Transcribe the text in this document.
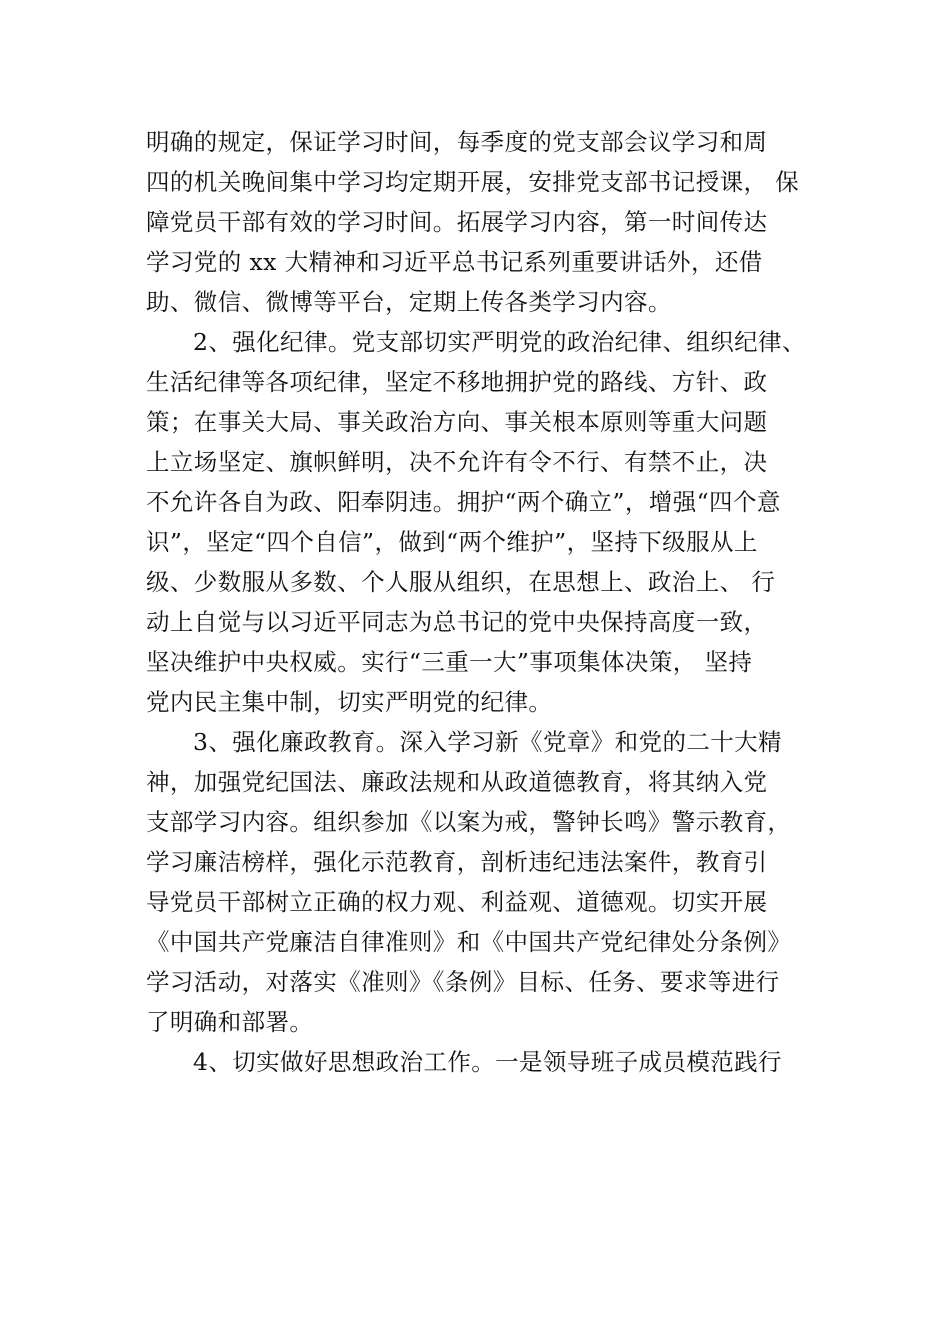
明确的规定，保证学习时间，每季度的党支部会议学习和周
四的机关晚间集中学习均定期开展，安排党支部书记授课， 保
障党员干部有效的学习时间。拓展学习内容，第一时间传达
学习党的 xx 大精神和习近平总书记系列重要讲话外，还借
助、微信、微博等平台，定期上传各类学习内容。
2、强化纪律。党支部切实严明党的政治纪律、组织纪律、
生活纪律等各项纪律，坚定不移地拥护党的路线、方针、政
策；在事关大局、事关政治方向、事关根本原则等重大问题
上立场坚定、旗帜鲜明，决不允许有令不行、有禁不止，决
不允许各自为政、阳奉阴违。拥护“两个确立”，增强“四个意
识”，坚定“四个自信”，做到“两个维护”，坚持下级服从上
级、少数服从多数、个人服从组织，在思想上、政治上、 行
动上自觉与以习近平同志为总书记的党中央保持高度一致，
坚决维护中央权威。实行“三重一大”事项集体决策， 坚持
党内民主集中制，切实严明党的纪律。
3、强化廉政教育。深入学习新《党章》和党的二十大精
神，加强党纪国法、廉政法规和从政道德教育，将其纳入党
支部学习内容。组织参加《以案为戒，警钟长鸣》警示教育，
学习廉洁榜样，强化示范教育，剖析违纪违法案件，教育引
导党员干部树立正确的权力观、利益观、道德观。切实开展
《中国共产党廉洁自律准则》和《中国共产党纪律处分条例》
学习活动，对落实《准则》《条例》目标、任务、要求等进行
了明确和部署。
4、切实做好思想政治工作。一是领导班子成员模范践行
